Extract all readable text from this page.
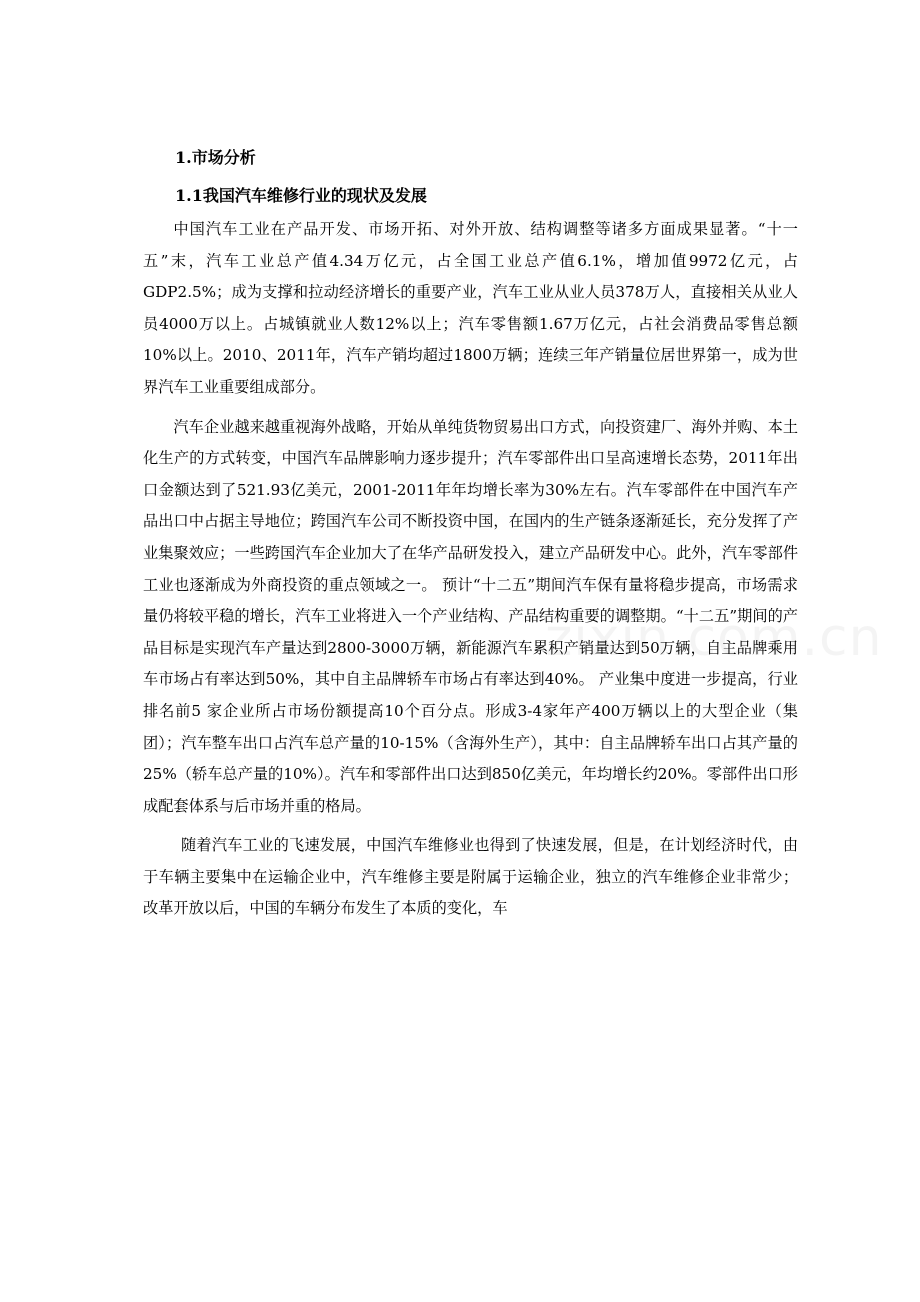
1.市场分析
1.1我国汽车维修行业的现状及发展

中国汽车工业在产品开发、市场开拓、对外开放、结构调整等诸多方面成果显著。“十一五”末，汽车工业总产值4.34万亿元，占全国工业总产值6.1%，增加值9972亿元，占GDP2.5%；成为支撑和拉动经济增长的重要产业，汽车工业从业人员378万人，直接相关从业人员4000万以上。占城镇就业人数12%以上；汽车零售额1.67万亿元，占社会消费品零售总额10%以上。2010、2011年，汽车产销均超过1800万辆；连续三年产销量位居世界第一，成为世界汽车工业重要组成部分。

汽车企业越来越重视海外战略，开始从单纯货物贸易出口方式，向投资建厂、海外并购、本土化生产的方式转变，中国汽车品牌影响力逐步提升；汽车零部件出口呈高速增长态势，2011年出口金额达到了521.93亿美元，2001-2011年年均增长率为30%左右。汽车零部件在中国汽车产品出口中占据主导地位；跨国汽车公司不断投资中国，在国内的生产链条逐渐延长，充分发挥了产业集聚效应；一些跨国汽车企业加大了在华产品研发投入，建立产品研发中心。此外，汽车零部件工业也逐渐成为外商投资的重点领域之一。 预计“十二五”期间汽车保有量将稳步提高，市场需求量仍将较平稳的增长，汽车工业将进入一个产业结构、产品结构重要的调整期。“十二五”期间的产品目标是实现汽车产量达到2800-3000万辆，新能源汽车累积产销量达到50万辆，自主品牌乘用车市场占有率达到50%，其中自主品牌轿车市场占有率达到40%。 产业集中度进一步提高，行业排名前5 家企业所占市场份额提高10个百分点。形成3-4家年产400万辆以上的大型企业（集团）；汽车整车出口占汽车总产量的10-15%（含海外生产），其中：自主品牌轿车出口占其产量的25%（轿车总产量的10%）。汽车和零部件出口达到850亿美元，年均增长约20%。零部件出口形成配套体系与后市场并重的格局。

随着汽车工业的飞速发展，中国汽车维修业也得到了快速发展，但是，在计划经济时代，由于车辆主要集中在运输企业中，汽车维修主要是附属于运输企业，独立的汽车维修企业非常少； 改革开放以后，中国的车辆分布发生了本质的变化，车
